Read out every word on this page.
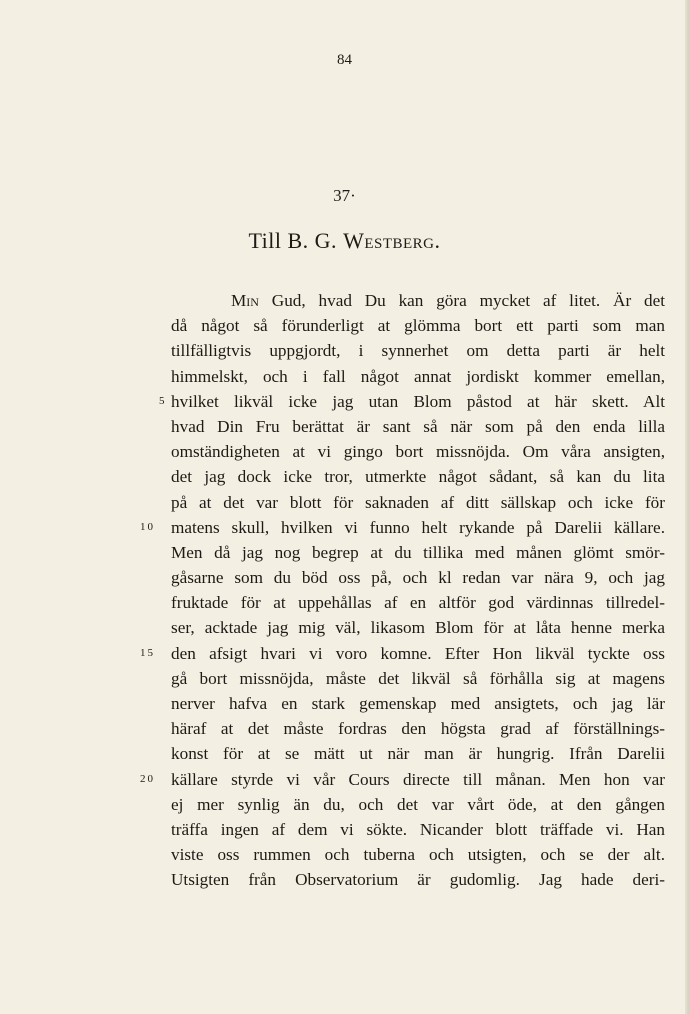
84
37·
Till B. G. Westberg.
Min Gud, hvad Du kan göra mycket af litet. Är det
då något så förunderligt at glömma bort ett parti som man
tillfälligtvis uppgjordt, i synnerhet om detta parti är helt
himmelskt, och i fall något annat jordiskt kommer emellan,
5 hvilket likväl icke jag utan Blom påstod at här skett. Alt
hvad Din Fru berättat är sant så när som på den enda lilla
omständigheten at vi gingo bort missnöjda. Om våra ansigten,
det jag dock icke tror, utmerkte något sådant, så kan du lita
på at det var blott för saknaden af ditt sällskap och icke för
10 matens skull, hvilken vi funno helt rykande på Darelii källare.
Men då jag nog begrep at du tillika med månen glömt smör-
gåsarne som du böd oss på, och kl redan var nära 9, och jag
fruktade för at uppehållas af en altför god värdinnas tillredel-
ser, acktade jag mig väl, likasom Blom för at låta henne merka
15 den afsigt hvari vi voro komne. Efter Hon likväl tyckte oss
gå bort missnöjda, måste det likväl så förhålla sig at magens
nerver hafva en stark gemenskap med ansigtets, och jag lär
häraf at det måste fordras den högsta grad af förställnings-
konst för at se mätt ut när man är hungrig. Ifrån Darelii
20 källare styrde vi vår Cours directe till månan. Men hon var
ej mer synlig än du, och det var vårt öde, at den gången
träffa ingen af dem vi sökte. Nicander blott träffade vi. Han
viste oss rummen och tuberna och utsigten, och se der alt.
Utsigten från Observatorium är gudomlig. Jag hade deri-
